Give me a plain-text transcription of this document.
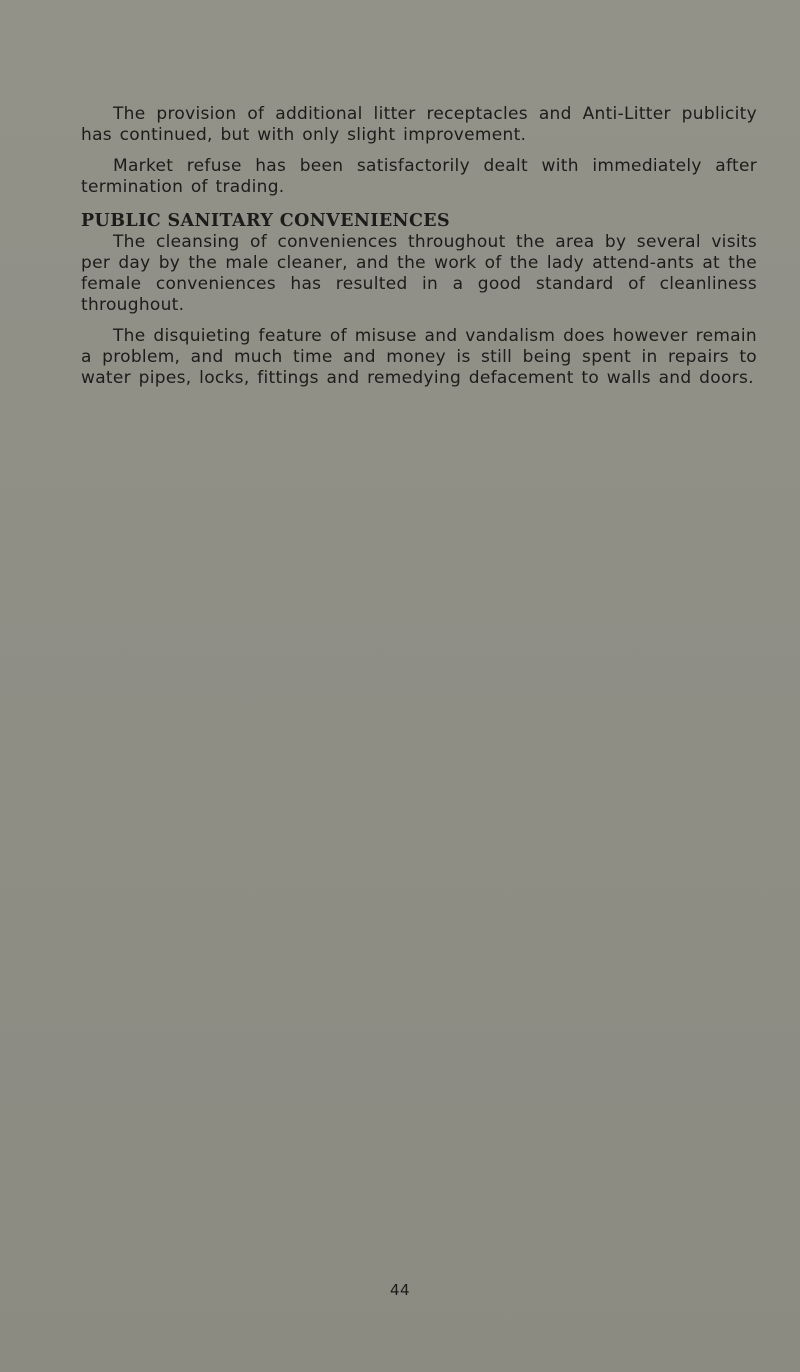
The provision of additional litter receptacles and Anti-Litter publicity has continued, but with only slight improvement.

Market refuse has been satisfactorily dealt with immediately after termination of trading.

PUBLIC SANITARY CONVENIENCES

The cleansing of conveniences throughout the area by several visits per day by the male cleaner, and the work of the lady attend-ants at the female conveniences has resulted in a good standard of cleanliness throughout.

The disquieting feature of misuse and vandalism does however remain a problem, and much time and money is still being spent in repairs to water pipes, locks, fittings and remedying defacement to walls and doors.

44
